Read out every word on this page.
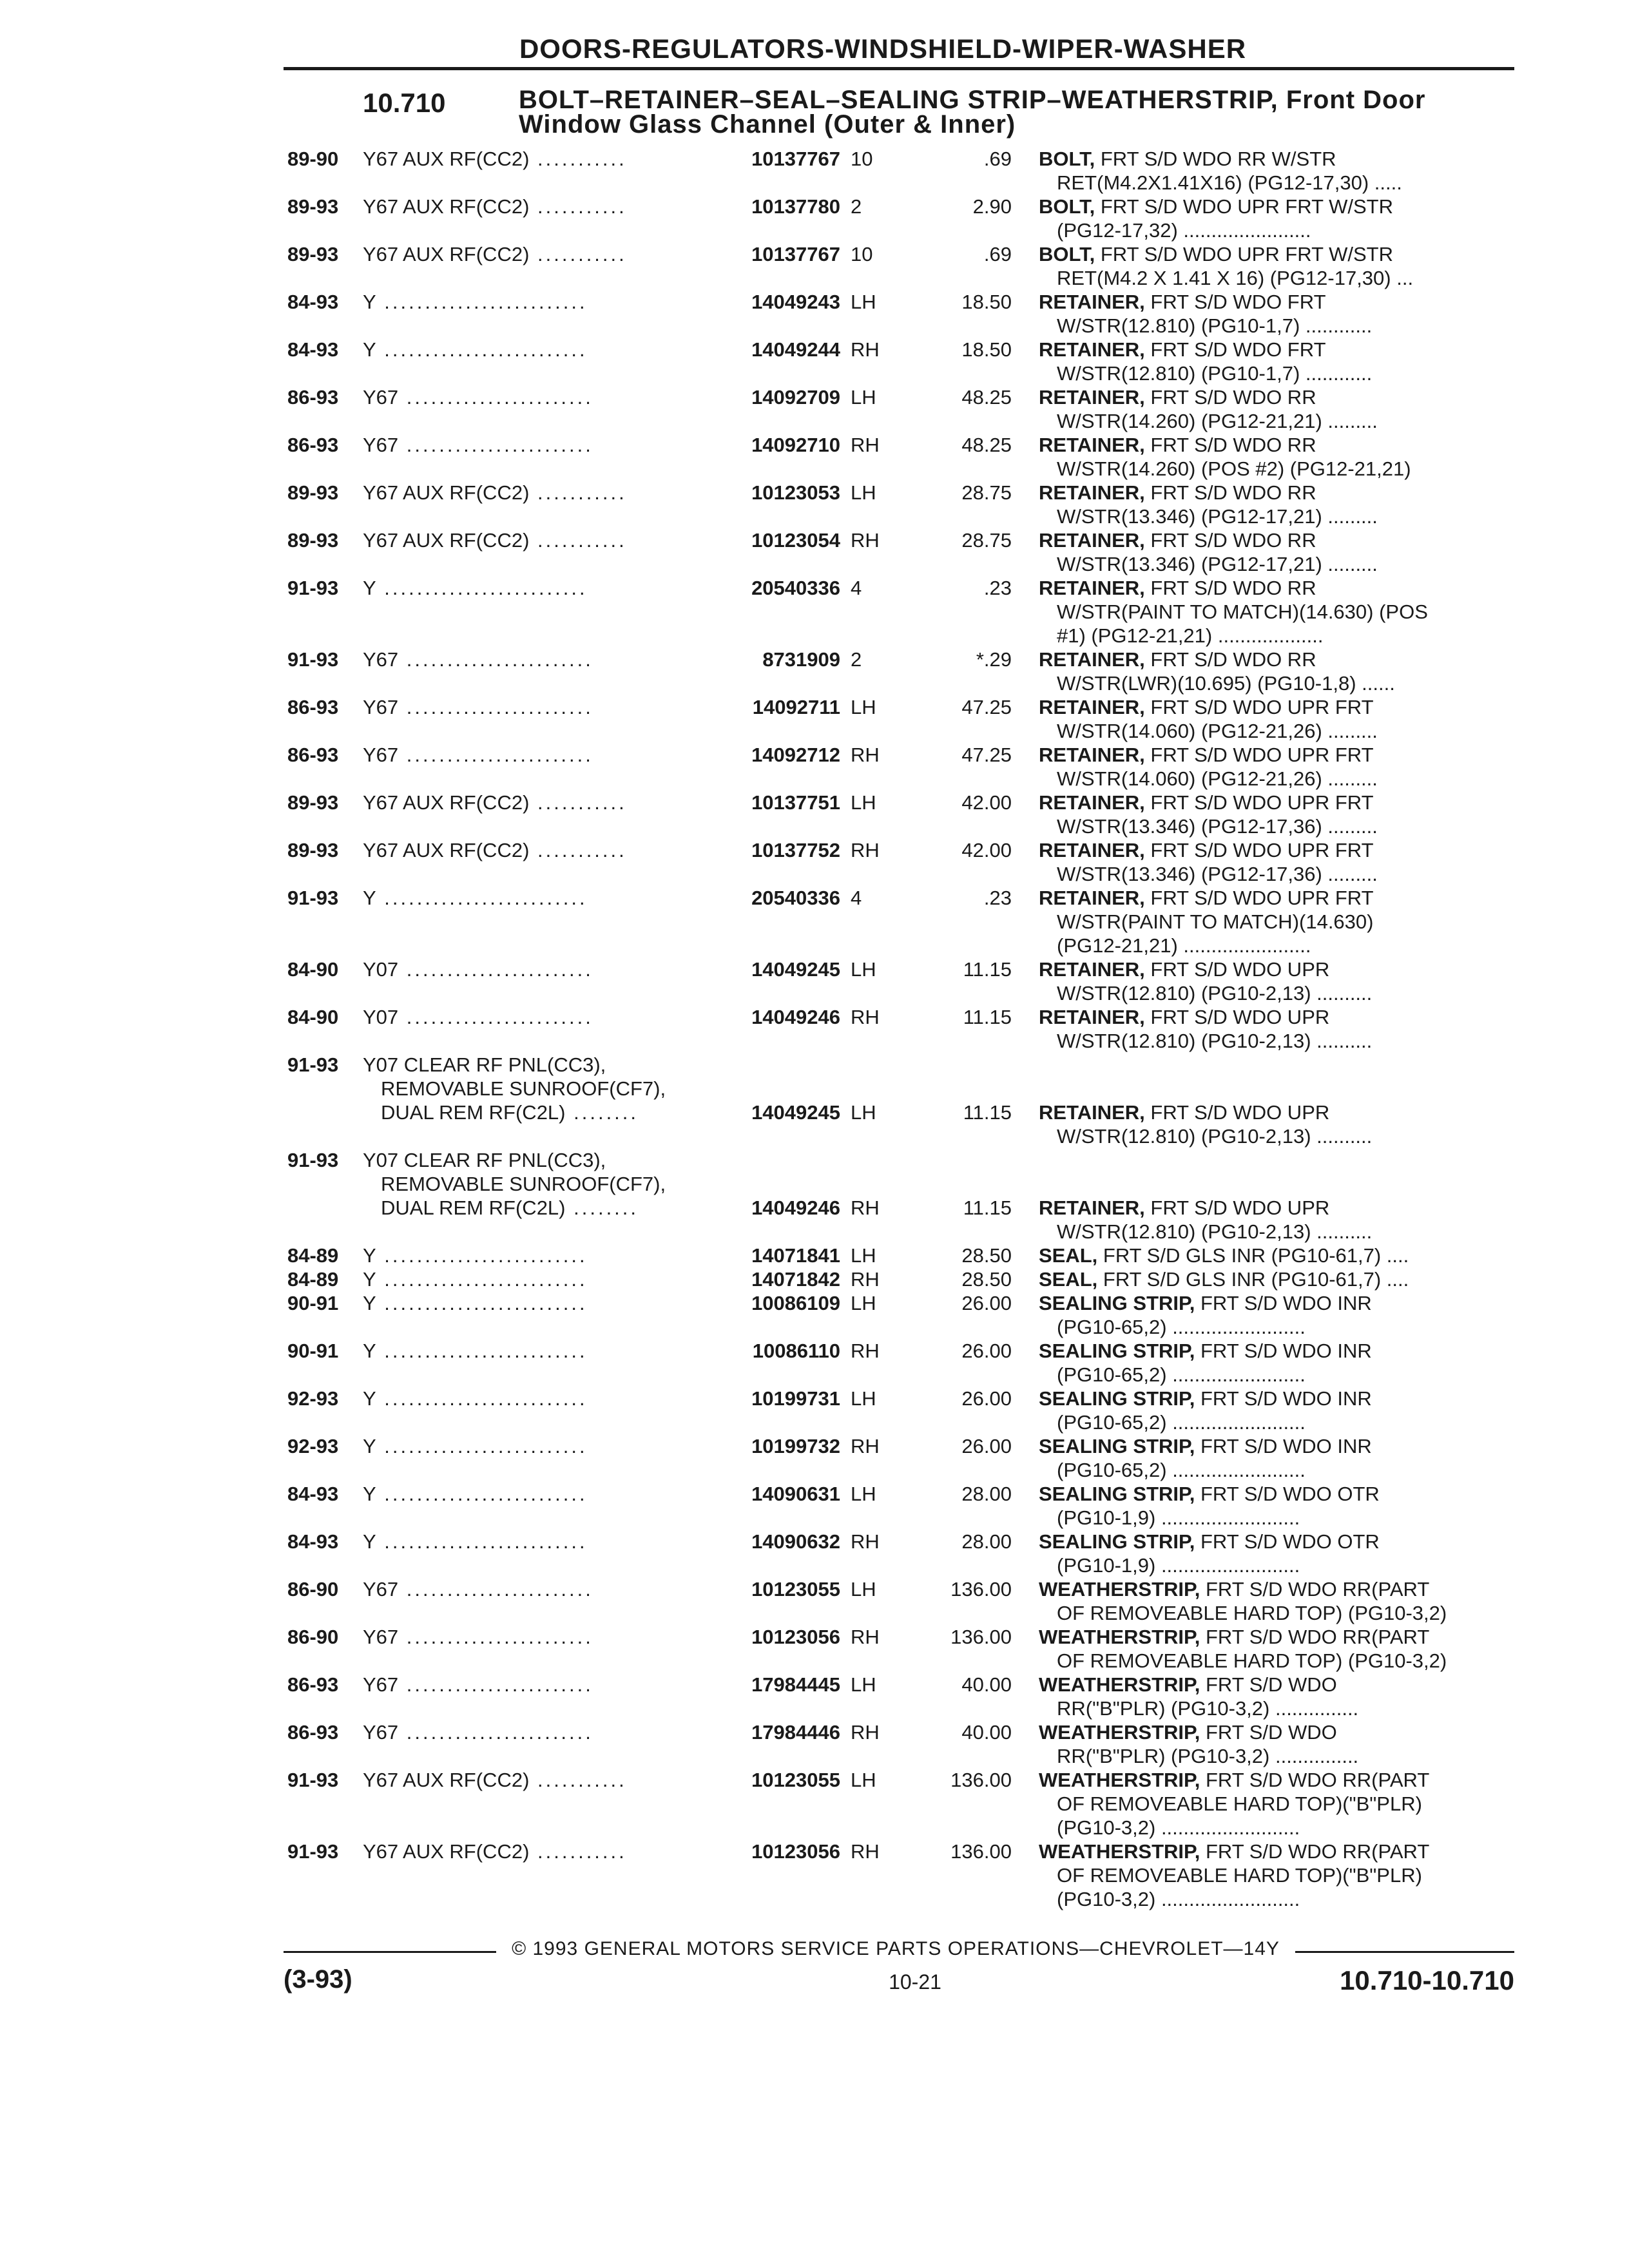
DOORS-REGULATORS-WINDSHIELD-WIPER-WASHER
10.710	BOLT–RETAINER–SEAL–SEALING STRIP–WEATHERSTRIP, Front Door
Window Glass Channel (Outer & Inner)
89-90	Y67 AUX RF(CC2) ...........	10137767 10	.69 BOLT, FRT S/D WDO RR W/STR
RET(M4.2X1.41X16) (PG12-17,30) .....
89-93	Y67 AUX RF(CC2) ...........	10137780 2	2.90 BOLT, FRT S/D WDO UPR FRT W/STR
(PG12-17,32) .......................
89-93	Y67 AUX RF(CC2) ...........	10137767 10	.69 BOLT, FRT S/D WDO UPR FRT W/STR
RET(M4.2 X 1.41 X 16) (PG12-17,30) ...
84-93	Y .........................	14049243 LH	18.50 RETAINER, FRT S/D WDO FRT
W/STR(12.810) (PG10-1,7) ............
84-93	Y .........................	14049244 RH	18.50 RETAINER, FRT S/D WDO FRT
W/STR(12.810) (PG10-1,7) ............
86-93	Y67 .......................	14092709 LH	48.25 RETAINER, FRT S/D WDO RR
W/STR(14.260) (PG12-21,21) .........
86-93	Y67 .......................	14092710 RH	48.25 RETAINER, FRT S/D WDO RR
W/STR(14.260) (POS #2) (PG12-21,21)
89-93	Y67 AUX RF(CC2) ...........	10123053 LH	28.75 RETAINER, FRT S/D WDO RR
W/STR(13.346) (PG12-17,21) .........
89-93	Y67 AUX RF(CC2) ...........	10123054 RH	28.75 RETAINER, FRT S/D WDO RR
W/STR(13.346) (PG12-17,21) .........
91-93	Y .........................	20540336 4	.23 RETAINER, FRT S/D WDO RR
W/STR(PAINT TO MATCH)(14.630) (POS
#1) (PG12-21,21) ...................
91-93	Y67 .......................	8731909 2	*.29 RETAINER, FRT S/D WDO RR
W/STR(LWR)(10.695) (PG10-1,8) ......
86-93	Y67 .......................	14092711 LH	47.25 RETAINER, FRT S/D WDO UPR FRT
W/STR(14.060) (PG12-21,26) .........
86-93	Y67 .......................	14092712 RH	47.25 RETAINER, FRT S/D WDO UPR FRT
W/STR(14.060) (PG12-21,26) .........
89-93	Y67 AUX RF(CC2) ...........	10137751 LH	42.00 RETAINER, FRT S/D WDO UPR FRT
W/STR(13.346) (PG12-17,36) .........
89-93	Y67 AUX RF(CC2) ...........	10137752 RH	42.00 RETAINER, FRT S/D WDO UPR FRT
W/STR(13.346) (PG12-17,36) .........
91-93	Y .........................	20540336 4	.23 RETAINER, FRT S/D WDO UPR FRT
W/STR(PAINT TO MATCH)(14.630)
(PG12-21,21) .......................
84-90	Y07 .......................	14049245 LH	11.15 RETAINER, FRT S/D WDO UPR
W/STR(12.810) (PG10-2,13) ..........
84-90	Y07 .......................	14049246 RH	11.15 RETAINER, FRT S/D WDO UPR
W/STR(12.810) (PG10-2,13) ..........
91-93	Y07 CLEAR RF PNL(CC3),
REMOVABLE SUNROOF(CF7),
DUAL REM RF(C2L) ........	14049245 LH	11.15 RETAINER, FRT S/D WDO UPR
W/STR(12.810) (PG10-2,13) ..........
91-93	Y07 CLEAR RF PNL(CC3),
REMOVABLE SUNROOF(CF7),
DUAL REM RF(C2L) ........	14049246 RH	11.15 RETAINER, FRT S/D WDO UPR
W/STR(12.810) (PG10-2,13) ..........
84-89	Y .........................	14071841 LH	28.50 SEAL, FRT S/D GLS INR (PG10-61,7) ....
84-89	Y .........................	14071842 RH	28.50 SEAL, FRT S/D GLS INR (PG10-61,7) ....
90-91	Y .........................	10086109 LH	26.00 SEALING STRIP, FRT S/D WDO INR
(PG10-65,2) ........................
90-91	Y .........................	10086110 RH	26.00 SEALING STRIP, FRT S/D WDO INR
(PG10-65,2) ........................
92-93	Y .........................	10199731 LH	26.00 SEALING STRIP, FRT S/D WDO INR
(PG10-65,2) ........................
92-93	Y .........................	10199732 RH	26.00 SEALING STRIP, FRT S/D WDO INR
(PG10-65,2) ........................
84-93	Y .........................	14090631 LH	28.00 SEALING STRIP, FRT S/D WDO OTR
(PG10-1,9) .........................
84-93	Y .........................	14090632 RH	28.00 SEALING STRIP, FRT S/D WDO OTR
(PG10-1,9) .........................
86-90	Y67 .......................	10123055 LH	136.00 WEATHERSTRIP, FRT S/D WDO RR(PART
OF REMOVEABLE HARD TOP) (PG10-3,2)
86-90	Y67 .......................	10123056 RH	136.00 WEATHERSTRIP, FRT S/D WDO RR(PART
OF REMOVEABLE HARD TOP) (PG10-3,2)
86-93	Y67 .......................	17984445 LH	40.00 WEATHERSTRIP, FRT S/D WDO
RR("B"PLR) (PG10-3,2) ...............
86-93	Y67 .......................	17984446 RH	40.00 WEATHERSTRIP, FRT S/D WDO
RR("B"PLR) (PG10-3,2) ...............
91-93	Y67 AUX RF(CC2) ...........	10123055 LH	136.00 WEATHERSTRIP, FRT S/D WDO RR(PART
OF REMOVEABLE HARD TOP)("B"PLR)
(PG10-3,2) .........................
91-93	Y67 AUX RF(CC2) ...........	10123056 RH	136.00 WEATHERSTRIP, FRT S/D WDO RR(PART
OF REMOVEABLE HARD TOP)("B"PLR)
(PG10-3,2) .........................
© 1993 GENERAL MOTORS SERVICE PARTS OPERATIONS—CHEVROLET—14Y
(3-93)	10-21	10.710-10.710
